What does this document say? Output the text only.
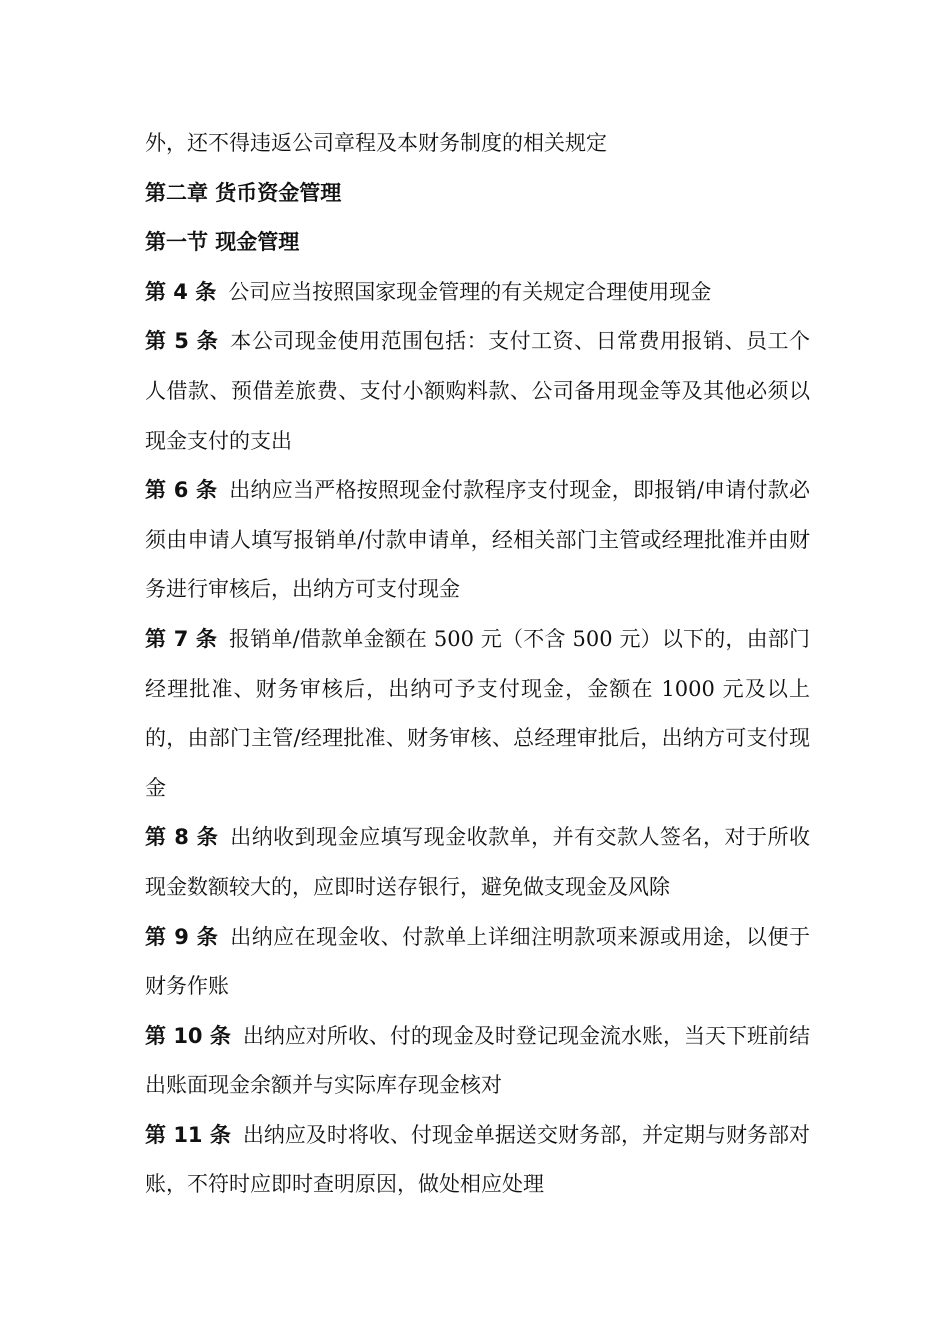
外，还不得违返公司章程及本财务制度的相关规定

第二章 货币资金管理

第一节 现金管理

第 4 条 公司应当按照国家现金管理的有关规定合理使用现金

第 5 条 本公司现金使用范围包括：支付工资、日常费用报销、员工个人借款、预借差旅费、支付小额购料款、公司备用现金等及其他必须以现金支付的支出

第 6 条 出纳应当严格按照现金付款程序支付现金，即报销/申请付款必须由申请人填写报销单/付款申请单，经相关部门主管或经理批准并由财务进行审核后，出纳方可支付现金

第 7 条 报销单/借款单金额在 500 元（不含 500 元）以下的，由部门经理批准、财务审核后，出纳可予支付现金，金额在 1000 元及以上的，由部门主管/经理批准、财务审核、总经理审批后，出纳方可支付现金

第 8 条 出纳收到现金应填写现金收款单，并有交款人签名，对于所收现金数额较大的，应即时送存银行，避免做支现金及风除

第 9 条 出纳应在现金收、付款单上详细注明款项来源或用途，以便于财务作账

第 10 条 出纳应对所收、付的现金及时登记现金流水账，当天下班前结出账面现金余额并与实际库存现金核对

第 11 条 出纳应及时将收、付现金单据送交财务部，并定期与财务部对账，不符时应即时查明原因，做处相应处理
